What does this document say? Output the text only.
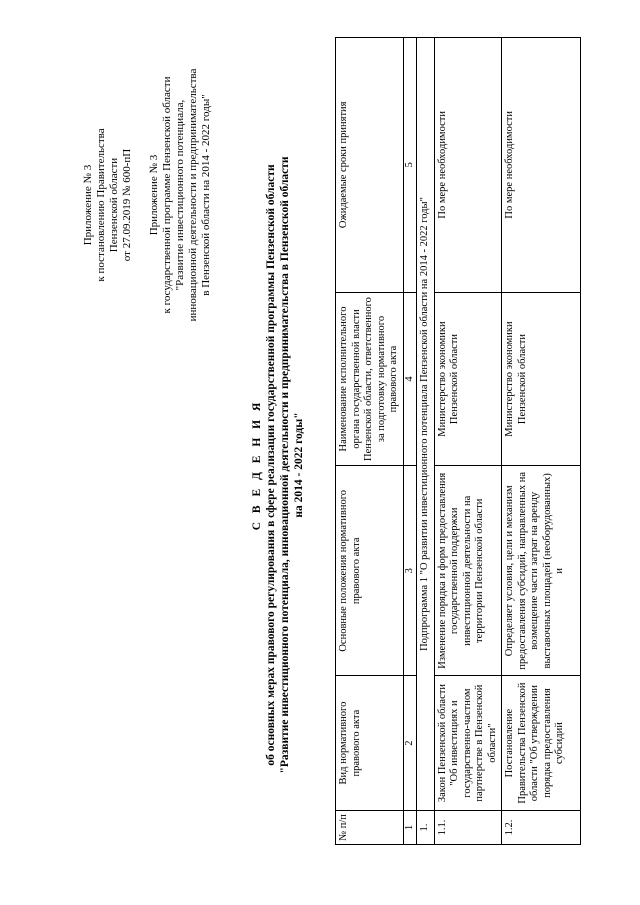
Приложение № 3 к постановлению Правительства Пензенской области от 27.09.2019 № 600-пП Приложение № 3 к государственной программе Пензенской области "Развитие инвестиционного потенциала, инновационной деятельности и предпринимательства в Пензенской области на 2014 - 2022 годы"
С В Е Д Е Н И Я об основных мерах правового регулирования в сфере реализации государственной программы Пензенской области "Развитие инвестиционного потенциала, инновационной деятельности и предпринимательства в Пензенской области на 2014 - 2022 годы"
№ п/п	Вид нормативного правового акта	Основные положения нормативного правового акта	Наименование исполнительного органа государственной власти Пензенской области, ответственного за подготовку нормативного правового акта	Ожидаемые сроки принятия
1	2	3	4	5
1.	Подпрограмма 1 "О развитии инвестиционного потенциала Пензенской области на 2014 - 2022 годы"			
1.1.	Закон Пензенской области "Об инвестициях и государственно-частном партнерстве в Пензенской области"	Изменение порядка и форм предоставления государственной поддержки инвестиционной деятельности на территории Пензенской области	Министерство экономики Пензенской области	По мере необходимости
1.2.	Постановление Правительства Пензенской области "Об утверждении порядка предоставления субсидий	Определяет условия, цели и механизм предоставления субсидий, направленных на возмещение части затрат на аренду выставочных площадей (необорудованных) и	Министерство экономики Пензенской области	По мере необходимости
